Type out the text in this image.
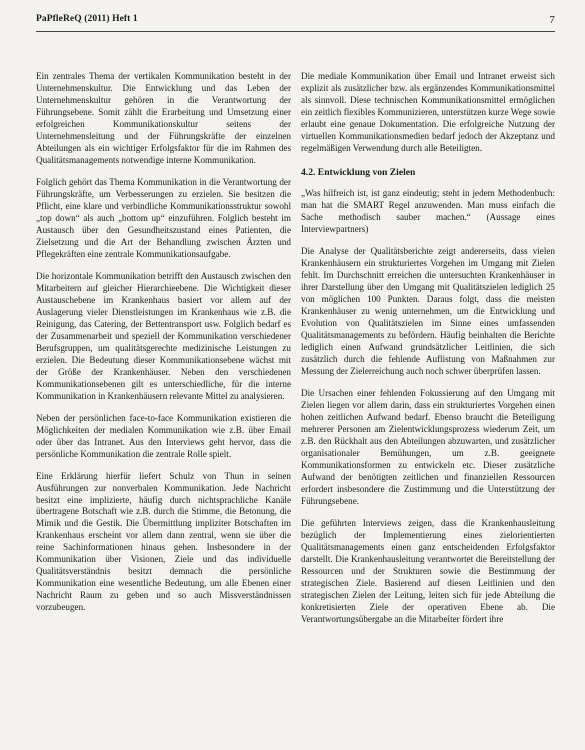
PaPfleReQ (2011) Heft 1	7

Ein zentrales Thema der vertikalen Kommunikation besteht in der Unternehmenskultur. Die Entwicklung und das Leben der Unternehmenskultur gehören in die Verantwortung der Führungsebene. Somit zählt die Erarbeitung und Umsetzung einer erfolgreichen Kommunikationskultur seitens der Unternehmensleitung und der Führungskräfte der einzelnen Abteilungen als ein wichtiger Erfolgsfaktor für die im Rahmen des Qualitätsmanagements notwendige interne Kommunikation.

Folglich gehört das Thema Kommunikation in die Verantwortung der Führungskräfte, um Verbesserungen zu erzielen. Sie besitzen die Pflicht, eine klare und verbindliche Kommunikationsstruktur sowohl „top down“ als auch „bottom up“ einzuführen. Folglich besteht im Austausch über den Gesundheitszustand eines Patienten, die Zielsetzung und die Art der Behandlung zwischen Ärzten und Pflegekräften eine zentrale Kommunikationsaufgabe.

Die horizontale Kommunikation betrifft den Austausch zwischen den Mitarbeitern auf gleicher Hierarchieebene. Die Wichtigkeit dieser Austauschebene im Krankenhaus basiert vor allem auf der Auslagerung vieler Dienstleistungen im Krankenhaus wie z.B. die Reinigung, das Catering, der Bettentransport usw. Folglich bedarf es der Zusammenarbeit und speziell der Kommunikation verschiedener Berufsgruppen, um qualitätsgerechte medizinische Leistungen zu erzielen. Die Bedeutung dieser Kommunikationsebene wächst mit der Größe der Krankenhäuser. Neben den verschiedenen Kommunikationsebenen gilt es unterschiedliche, für die interne Kommunikation in Krankenhäusern relevante Mittel zu analysieren.

Neben der persönlichen face-to-face Kommunikation existieren die Möglichkeiten der medialen Kommunikation wie z.B. über Email oder über das Intranet. Aus den Interviews geht hervor, dass die persönliche Kommunikation die zentrale Rolle spielt.

Eine Erklärung hierfür liefert Schulz von Thun in seinen Ausführungen zur nonverbalen Kommunikation. Jede Nachricht besitzt eine implizierte, häufig durch nichtsprachliche Kanäle übertragene Botschaft wie z.B. durch die Stimme, die Betonung, die Mimik und die Gestik. Die Übermittlung impliziter Botschaften im Krankenhaus erscheint vor allem dann zentral, wenn sie über die reine Sachinformationen hinaus gehen. Insbesondere in der Kommunikation über Visionen, Ziele und das individuelle Qualitätsverständnis besitzt demnach die persönliche Kommunikation eine wesentliche Bedeutung, um alle Ebenen einer Nachricht Raum zu geben und so auch Missverständnissen vorzubeugen.

Die mediale Kommunikation über Email und Intranet erweist sich explizit als zusätzlicher bzw. als ergänzendes Kommunikationsmittel als sinnvoll. Diese technischen Kommunikationsmittel ermöglichen ein zeitlich flexibles Kommunizieren, unterstützen kurze Wege sowie erlaubt eine genaue Dokumentation. Die erfolgreiche Nutzung der virtuellen Kommunikationsmedien bedarf jedoch der Akzeptanz und regelmäßigen Verwendung durch alle Beteiligten.

4.2. Entwicklung von Zielen

„Was hilfreich ist, ist ganz eindeutig; steht in jedem Methodenbuch: man hat die SMART Regel anzuwenden. Man muss einfach die Sache methodisch sauber machen.“ (Aussage eines Interviewpartners)

Die Analyse der Qualitätsberichte zeigt andererseits, dass vielen Krankenhäusern ein strukturiertes Vorgehen im Umgang mit Zielen fehlt. Im Durchschnitt erreichen die untersuchten Krankenhäuser in ihrer Darstellung über den Umgang mit Qualitätszielen lediglich 25 von möglichen 100 Punkten. Daraus folgt, dass die meisten Krankenhäuser zu wenig unternehmen, um die Entwicklung und Evolution von Qualitätszielen im Sinne eines umfassenden Qualitätsmanagements zu befördern. Häufig beinhalten die Berichte lediglich einen Aufwand grundsätzlicher Leitlinien, die sich zusätzlich durch die fehlende Auflistung von Maßnahmen zur Messung der Zielerreichung auch noch schwer überprüfen lassen.

Die Ursachen einer fehlenden Fokussierung auf den Umgang mit Zielen liegen vor allem darin, dass ein strukturiertes Vorgehen einen hohen zeitlichen Aufwand bedarf. Ebenso braucht die Beteiligung mehrerer Personen am Zielentwicklungsprozess wiederum Zeit, um z.B. den Rückhalt aus den Abteilungen abzuwarten, und zusätzlicher organisationaler Bemühungen, um z.B. geeignete Kommunikationsformen zu entwickeln etc. Dieser zusätzliche Aufwand der benötigten zeitlichen und finanziellen Ressourcen erfordert insbesondere die Zustimmung und die Unterstützung der Führungsebene.

Die geführten Interviews zeigen, dass die Krankenhausleitung bezüglich der Implementierung eines zielorientierten Qualitätsmanagements einen ganz entscheidenden Erfolgsfaktor darstellt. Die Krankenhausleitung verantwortet die Bereitstellung der Ressourcen und der Strukturen sowie die Bestimmung der strategischen Ziele. Basierend auf diesen Leitlinien und den strategischen Zielen der Leitung, leiten sich für jede Abteilung die konkretisierten Ziele der operativen Ebene ab. Die Verantwortungsübergabe an die Mitarbeiter fördert ihre
